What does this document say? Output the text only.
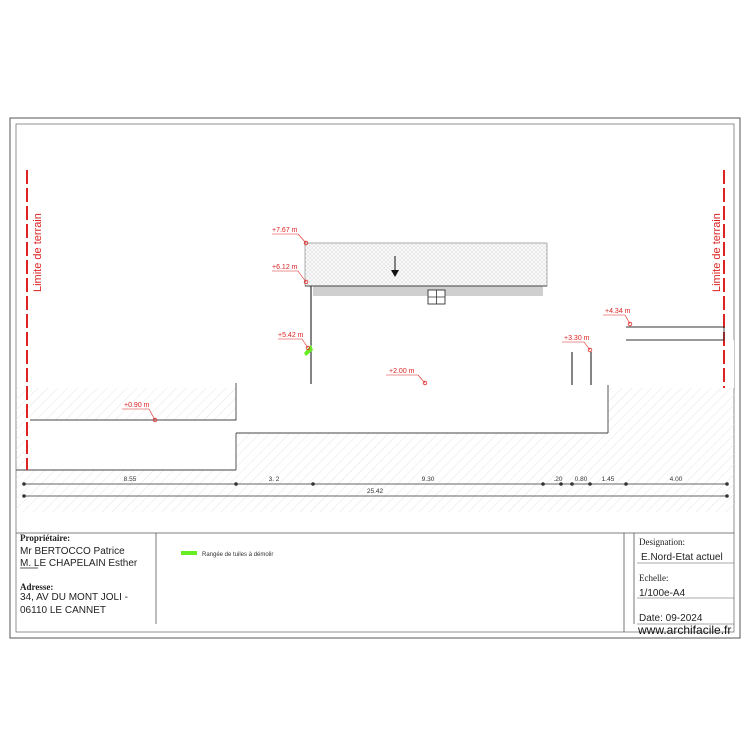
Limite de terrain	Limite de terrain
+7.67 m
+6.12 m
+5.42 m
+2.00 m
+3.30 m
+4.34 m
+0.90 m
8.55	3. 2	9.30	.20 0.80 1.45	4.00
25.42
Propriétaire:
Mr BERTOCCO Patrice
M. LE CHAPELAIN Esther
Adresse:
34, AV DU MONT JOLI -
06110 LE CANNET
Rangée de tuiles à démolir
Designation:
E.Nord-Etat actuel
Echelle:
1/100e-A4
Date: 09-2024
www.archifacile.fr
